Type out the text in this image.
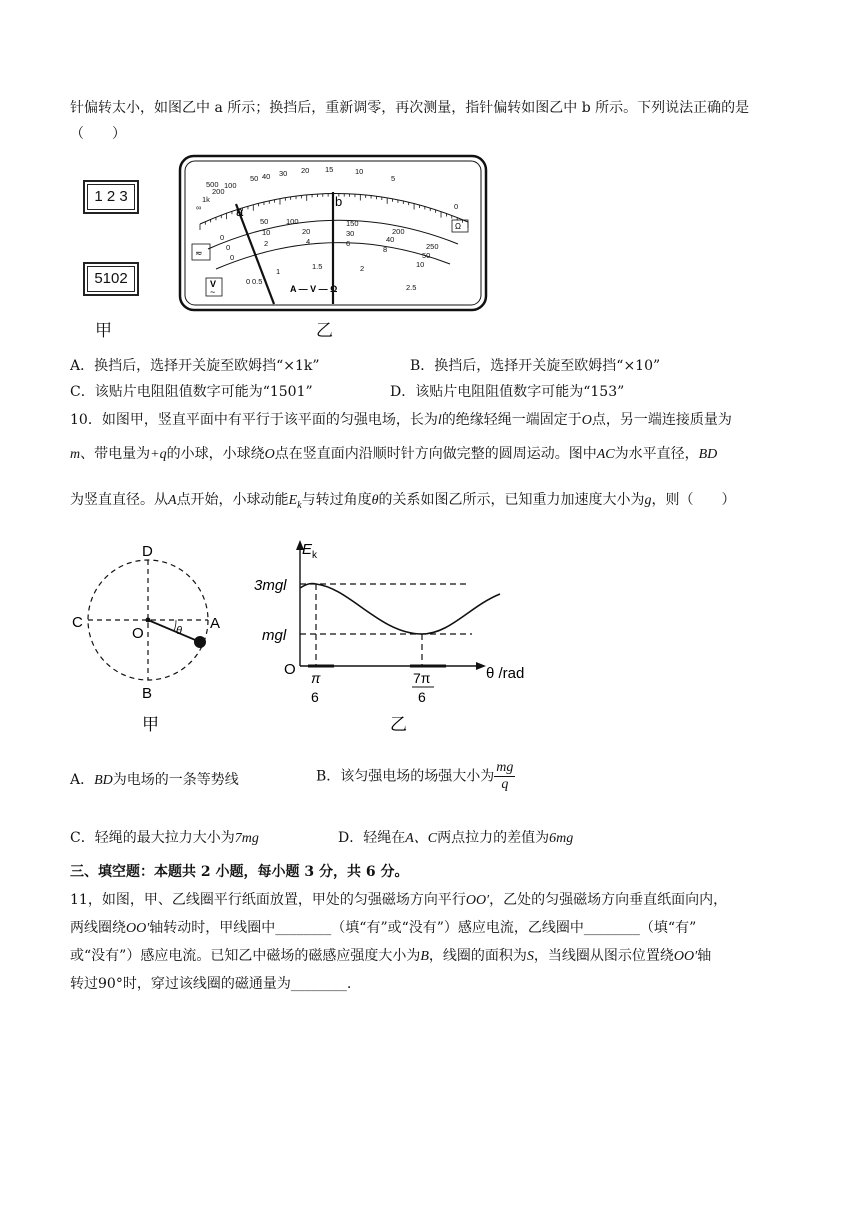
针偏转太小，如图乙中 a 所示；换挡后，重新调零，再次测量，指针偏转如图乙中 b 所示。下列说法正确的是
（　　）
1 2 3
5102
甲	乙
∞
1k
500
200
100
50 40 30 20 15	10
5
0
Ω
0
50 100	150
200
250
0
10	20	30
40
50
0
2	4	6
8
10
0 0.5
1
1.5	2
2.5
≂
V
~	A — V — Ω
a
b
A．换挡后，选择开关旋至欧姆挡“×1k”	B．换挡后，选择开关旋至欧姆挡“×10”
C．该贴片电阻阻值数字可能为“1501”	D．该贴片电阻阻值数字可能为“153”
10．如图甲，竖直平面中有平行于该平面的匀强电场，长为l的绝缘轻绳一端固定于O点，另一端连接质量为
m、带电量为+q的小球，小球绕O点在竖直面内沿顺时针方向做完整的圆周运动。图中AC为水平直径，BD
为竖直直径。从A点开始，小球动能$E_k$与转过角度θ的关系如图乙所示，已知重力加速度大小为g，则（　　）
D
C
O
A
B
θ
甲
E k
3mgl
mgl
O π
6
7π
6
θ /rad
乙
A．BD为电场的一条等势线	B．该匀强电场的场强大小为 $\frac{mg}{q}$
C．轻绳的最大拉力大小为7mg	D．轻绳在A、C两点拉力的差值为6mg
三、填空题：本题共 2 小题，每小题 3 分，共 6 分。
11，如图，甲、乙线圈平行纸面放置，甲处的匀强磁场方向平行OO′，乙处的匀强磁场方向垂直纸面向内，
两线圈绕OO′轴转动时，甲线圈中________（填“有”或“没有”）感应电流，乙线圈中________（填“有”
或“没有”）感应电流。已知乙中磁场的磁感应强度大小为B，线圈的面积为S，当线圈从图示位置绕OO′轴
转过90°时，穿过该线圈的磁通量为________.
